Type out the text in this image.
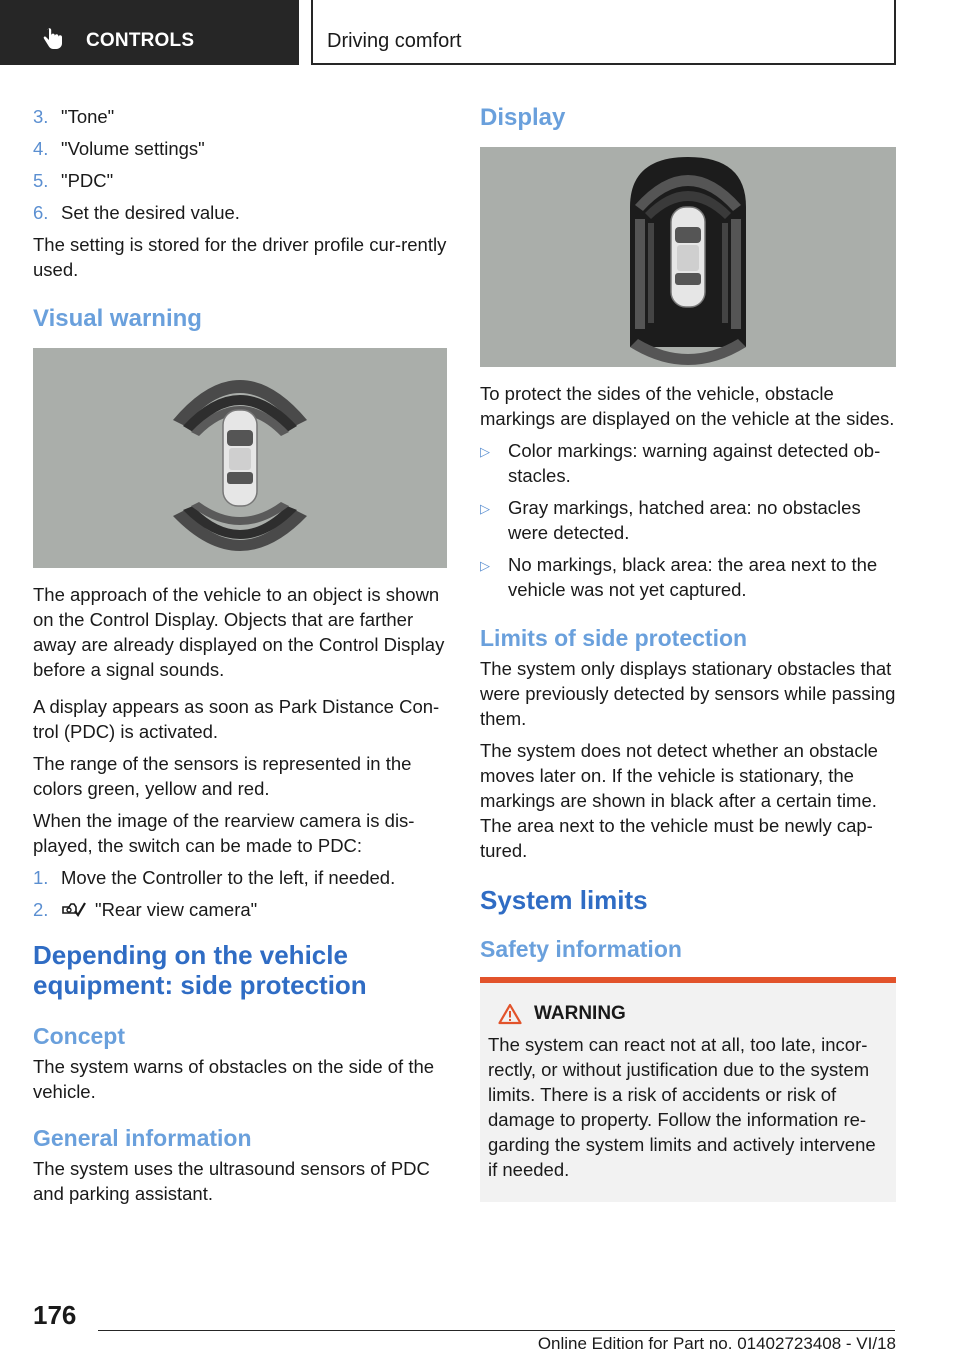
CONTROLS	Driving comfort
3. "Tone"
4. "Volume settings"
5. "PDC"
6. Set the desired value.

The setting is stored for the driver profile cur‐rently used.

Visual warning

The approach of the vehicle to an object is shown on the Control Display. Objects that are farther away are already displayed on the Control Display before a signal sounds.

A display appears as soon as Park Distance Con‐trol (PDC) is activated.

The range of the sensors is represented in the colors green, yellow and red.

When the image of the rearview camera is dis‐played, the switch can be made to PDC:

1. Move the Controller to the left, if needed.
2.	"Rear view camera"
Depending on the vehicle equipment: side protection
Concept

The system warns of obstacles on the side of the vehicle.

General information

The system uses the ultrasound sensors of PDC and parking assistant.

Display

To protect the sides of the vehicle, obstacle markings are displayed on the vehicle at the sides.

▷ Color markings: warning against detected ob‐stacles.
▷ Gray markings, hatched area: no obstacles were detected.
▷ No markings, black area: the area next to the vehicle was not yet captured.
Limits of side protection

The system only displays stationary obstacles that were previously detected by sensors while passing them.

The system does not detect whether an obstacle moves later on. If the vehicle is stationary, the markings are shown in black after a certain time. The area next to the vehicle must be newly cap‐tured.

System limits
Safety information
WARNING
The system can react not at all, too late, incor‐rectly, or without justification due to the system limits. There is a risk of accidents or risk of damage to property. Follow the information re‐garding the system limits and actively intervene if needed.
176
Online Edition for Part no. 01402723408 - VI/18
